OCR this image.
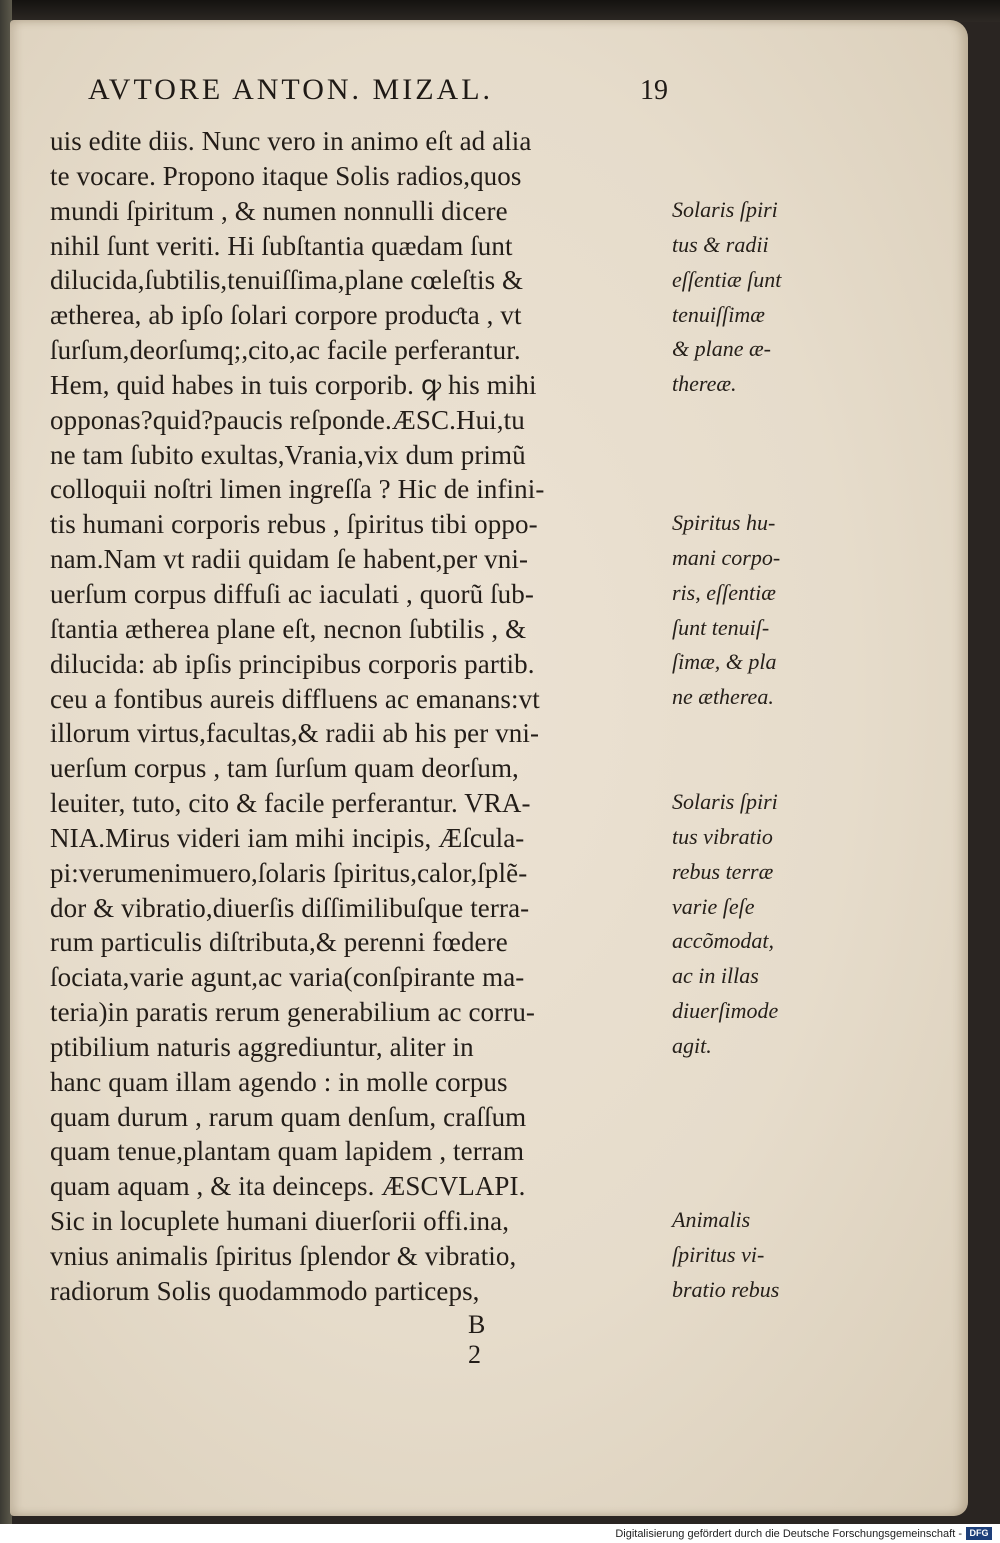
AVTORE ANTON. MIZAL.	19
uis edite diis. Nunc vero in animo eſt ad alia
te vocare. Propono itaque Solis radios,quos
mundi ſpiritum , & numen nonnulli dicere
nihil ſunt veriti. Hi ſubſtantia quædam ſunt
dilucida,ſubtilis,tenuiſſima,plane cœleſtis &
ætherea, ab ipſo ſolari corpore produƈta , vt
ſurſum,deorſumq;,cito,ac facile perferantur.
Hem, quid habes in tuis corporib. ꝙ his mihi
opponas?quid?paucis reſponde.ÆSC.Hui,tu
ne tam ſubito exultas,Vrania,vix dum primũ
colloquii noſtri limen ingreſſa ? Hic de infini-
tis humani corporis rebus , ſpiritus tibi oppo-
nam.Nam vt radii quidam ſe habent,per vni-
uerſum corpus diffuſi ac iaculati , quorũ ſub-
ſtantia ætherea plane eſt, necnon ſubtilis , &
dilucida: ab ipſis principibus corporis partib.
ceu a fontibus aureis diffluens ac emanans:vt
illorum virtus,facultas,& radii ab his per vni-
uerſum corpus , tam ſurſum quam deorſum,
leuiter, tuto, cito & facile perferantur. VRA-
NIA.Mirus videri iam mihi incipis, Æſcula-
pi:verumenimuero,ſolaris ſpiritus,calor,ſplẽ-
dor & vibratio,diuerſis diſſimilibuſque terra-
rum particulis diſtributa,& perenni fœdere
ſociata,varie agunt,ac varia(conſpirante ma-
teria)in paratis rerum generabilium ac corru-
ptibilium naturis aggrediuntur, aliter in
hanc quam illam agendo : in molle corpus
quam durum , rarum quam denſum, craſſum
quam tenue,plantam quam lapidem , terram
quam aquam , & ita deinceps. ÆSCVLAPI.
Sic in locuplete humani diuerſorii offi.ina,
vnius animalis ſpiritus ſplendor & vibratio,
radiorum Solis quodammodo particeps,
Solaris ſpiri
tus & radii
eſſentiæ ſunt
tenuiſſimæ
& plane æ-
thereæ.
Spiritus hu-
mani corpo-
ris, eſſentiæ
ſunt tenuiſ-
ſimæ, & pla
ne ætherea.
Solaris ſpiri
tus vibratio
rebus terræ
varie ſeſe
accõmodat,
ac in illas
diuerſimode
agit.
Animalis
ſpiritus vi-
bratio rebus
B 2
Digitalisierung gefördert durch die Deutsche Forschungsgemeinschaft - DFG
